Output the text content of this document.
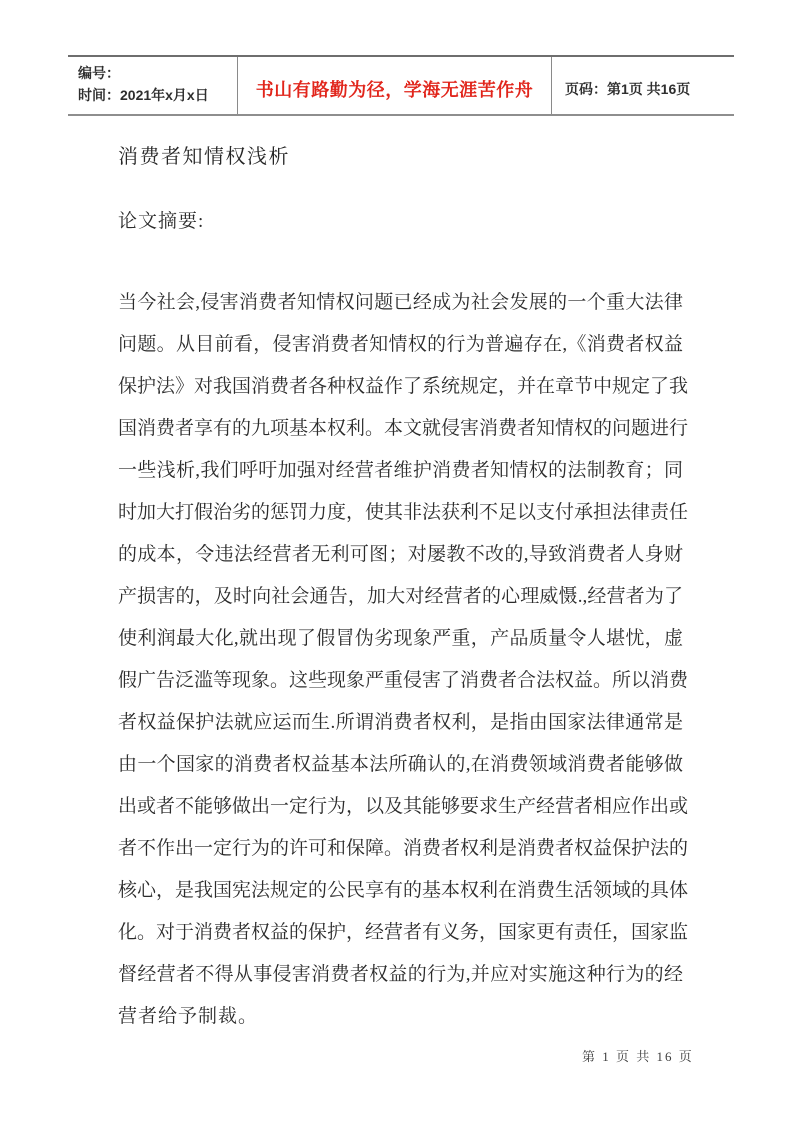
编号：
时间：2021年x月x日	书山有路勤为径，学海无涯苦作舟 页码：第1页 共16页
消费者知情权浅析
论文摘要:
当今社会,侵害消费者知情权问题已经成为社会发展的一个重大法律
问题。从目前看，侵害消费者知情权的行为普遍存在,《消费者权益
保护法》对我国消费者各种权益作了系统规定，并在章节中规定了我
国消费者享有的九项基本权利。本文就侵害消费者知情权的问题进行
一些浅析,我们呼吁加强对经营者维护消费者知情权的法制教育；同
时加大打假治劣的惩罚力度，使其非法获利不足以支付承担法律责任
的成本，令违法经营者无利可图；对屡教不改的,导致消费者人身财
产损害的，及时向社会通告，加大对经营者的心理威慑.,经营者为了
使利润最大化,就出现了假冒伪劣现象严重，产品质量令人堪忧，虚
假广告泛滥等现象。这些现象严重侵害了消费者合法权益。所以消费
者权益保护法就应运而生.所谓消费者权利，是指由国家法律通常是
由一个国家的消费者权益基本法所确认的,在消费领域消费者能够做
出或者不能够做出一定行为，以及其能够要求生产经营者相应作出或
者不作出一定行为的许可和保障。消费者权利是消费者权益保护法的
核心，是我国宪法规定的公民享有的基本权利在消费生活领域的具体
化。对于消费者权益的保护，经营者有义务，国家更有责任，国家监
督经营者不得从事侵害消费者权益的行为,并应对实施这种行为的经
营者给予制裁。
第 1 页 共 16 页
